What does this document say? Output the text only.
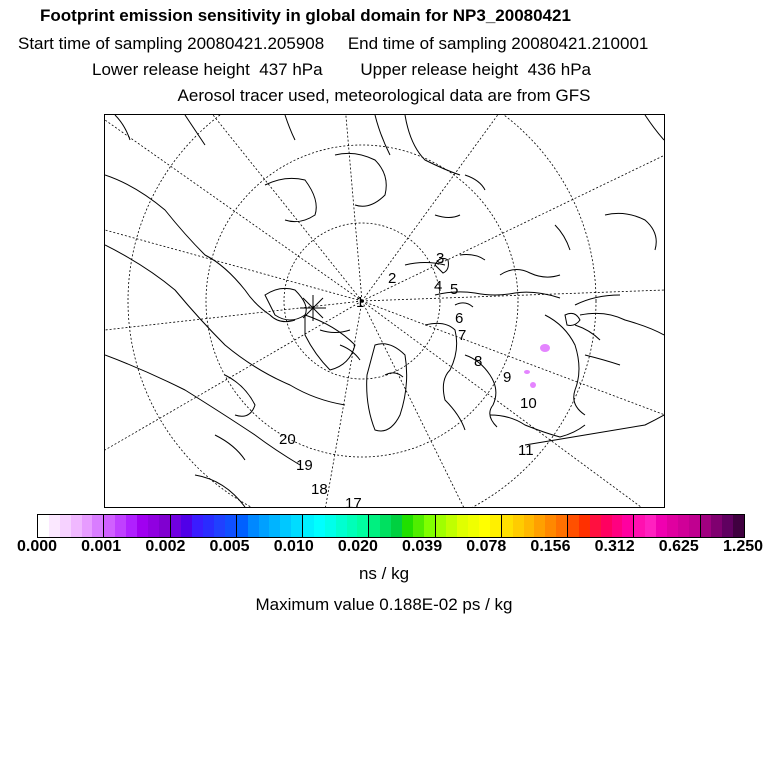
Footprint emission sensitivity in global domain for NP3_20080421
Start time of sampling 20080421.205908     End time of sampling 20080421.210001
Lower release height  437 hPa        Upper release height  436 hPa
Aerosol tracer used, meteorological data are from GFS
1
2
3
4 5
6
7
8
9
10
11
17
18
19
20
0.000 0.001 0.002 0.005 0.010 0.020 0.039 0.078 0.156 0.312 0.625 1.250
ns / kg
Maximum value 0.188E-02 ps / kg
